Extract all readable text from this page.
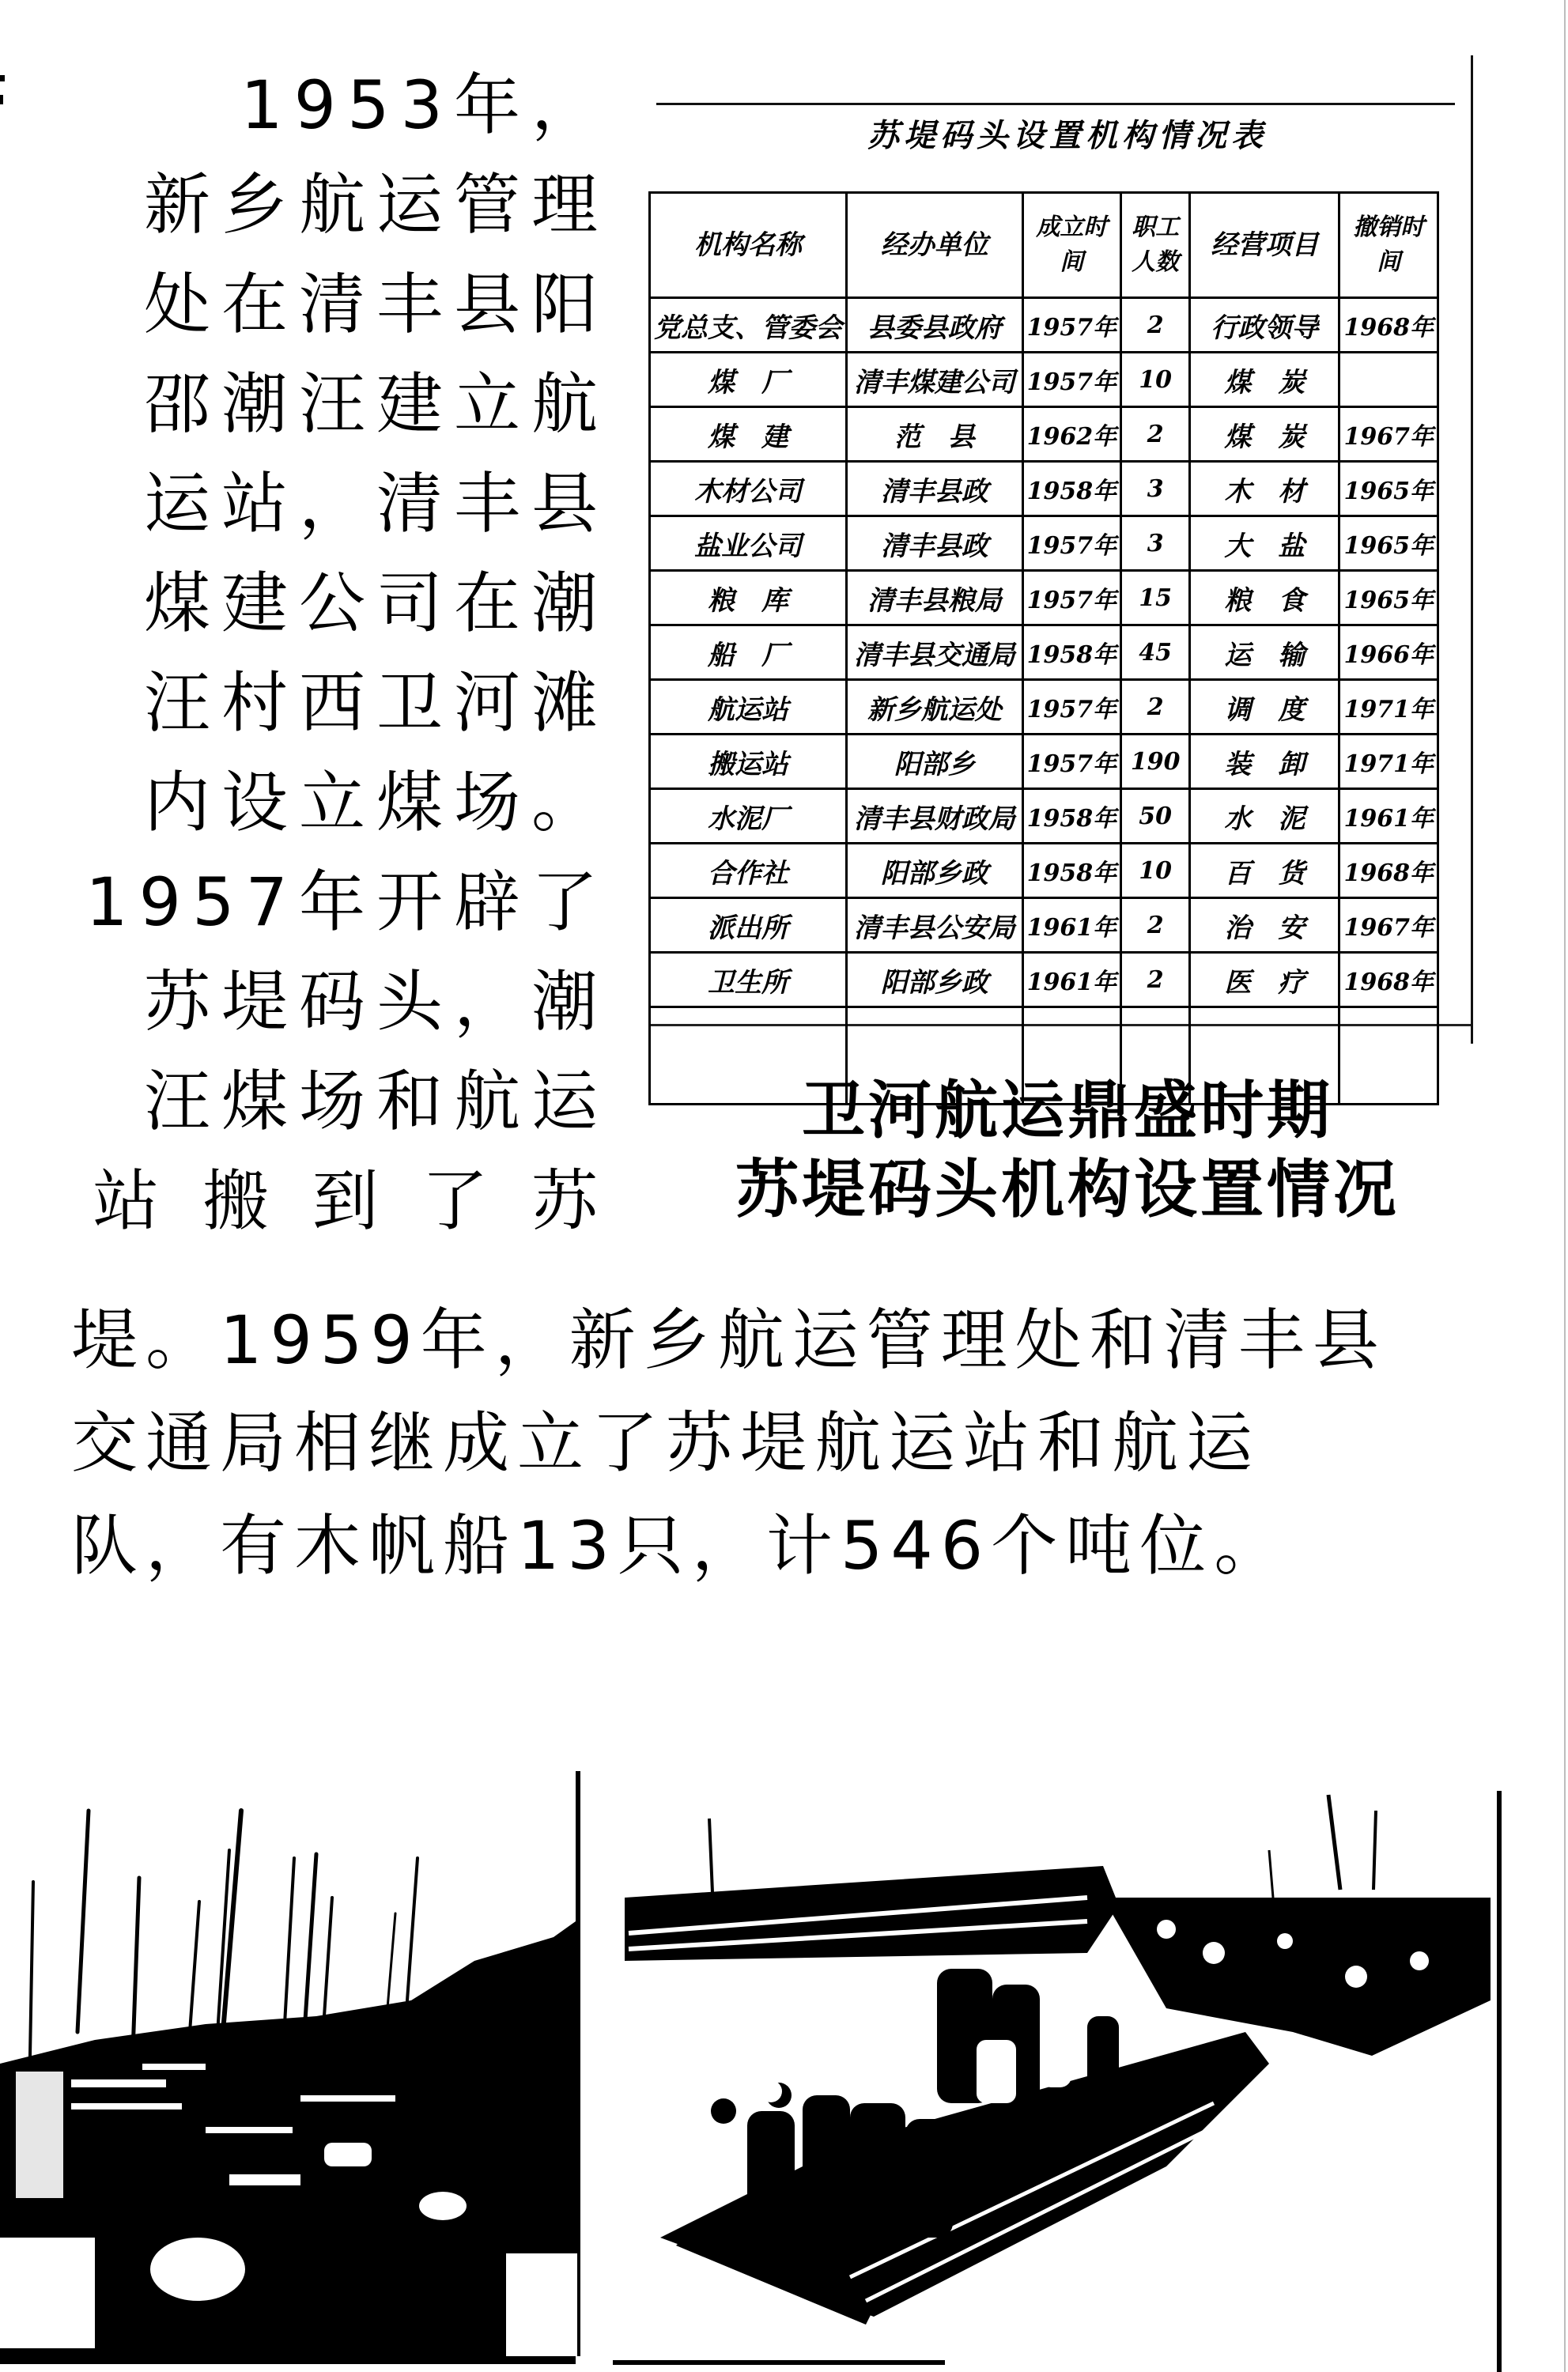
1953年，
新乡航运管理
处在清丰县阳
邵潮汪建立航
运站，清丰县
煤建公司在潮
汪村西卫河滩
内设立煤场。
1957年开辟了
苏堤码头，潮
汪煤场和航运
站 搬 到 了 苏
苏堤码头设置机构情况表
机构名称	经办单位	成立时间	职工人数	经营项目	撤销时间
党总支、管委会	县委县政府	1957年	2	行政领导	1968年
煤　厂	清丰煤建公司	1957年	10	煤　炭	
煤　建	范　县	1962年	2	煤　炭	1967年
木材公司	清丰县政	1958年	3	木　材	1965年
盐业公司	清丰县政	1957年	3	大　盐	1965年
粮　库	清丰县粮局	1957年	15	粮　食	1965年
船　厂	清丰县交通局	1958年	45	运　输	1966年
航运站	新乡航运处	1957年	2	调　度	1971年
搬运站	阳部乡	1957年	190	装　卸	1971年
水泥厂	清丰县财政局	1958年	50	水　泥	1961年
合作社	阳部乡政	1958年	10	百　货	1968年
派出所	清丰县公安局	1961年	2	治　安	1967年
卫生所	阳部乡政	1961年	2	医　疗	1968年

卫河航运鼎盛时期
苏堤码头机构设置情况
堤。1959年，新乡航运管理处和清丰县
交通局相继成立了苏堤航运站和航运
队，有木帆船13只，计546个吨位。
